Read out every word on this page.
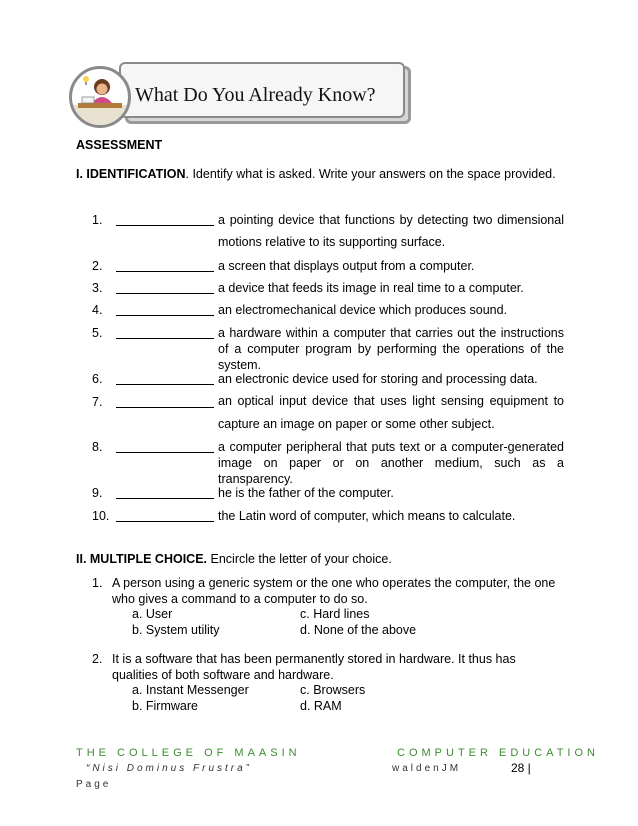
What Do You Already Know?
ASSESSMENT
I. IDENTIFICATION. Identify what is asked. Write your answers on the space provided.
1.	a pointing device that functions by detecting two dimensional motions relative to its supporting surface.
2.	a screen that displays output from a computer.
3.	a device that feeds its image in real time to a computer.
4.	an electromechanical device which produces sound.
5.	a hardware within a computer that carries out the instructions of a computer program by performing the operations of the system.
6.	an electronic device used for storing and processing data.
7.	an optical input device that uses light sensing equipment to capture an image on paper or some other subject.
8.	a computer peripheral that puts text or a computer-generated image on paper or on another medium, such as a transparency.
9.	he is the father of the computer.
10.	the Latin word of computer, which means to calculate.
II. MULTIPLE CHOICE. Encircle the letter of your choice.
1. A person using a generic system or the one who operates the computer, the one who gives a command to a computer to do so.
a. User
b. System utility
c. Hard lines
d. None of the above
2. It is a software that has been permanently stored in hardware. It thus has qualities of both software and hardware.
a. Instant Messenger
b. Firmware
c. Browsers
d. RAM
THE COLLEGE OF MAASIN
“Nisi Dominus Frustra”
Page
COMPUTER EDUCATION
waldenJM	28 |
